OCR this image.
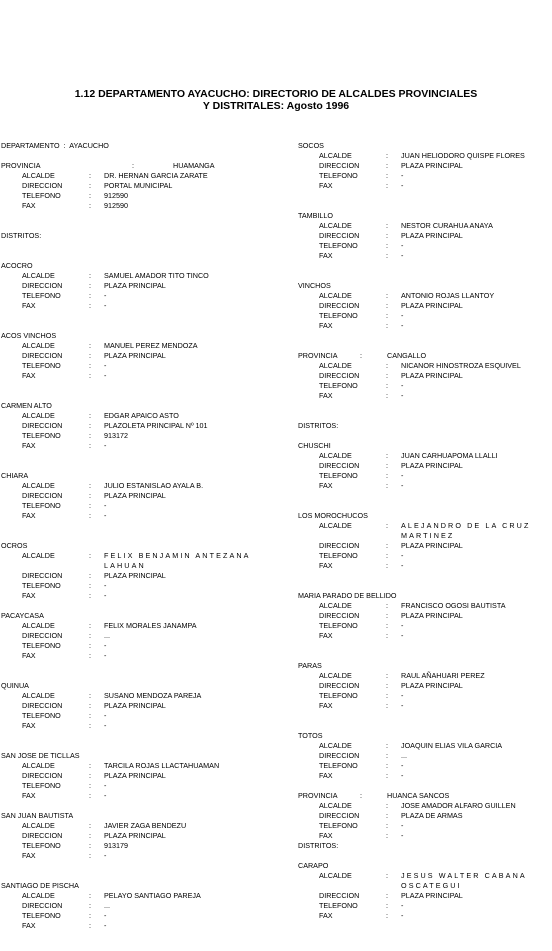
1.12 DEPARTAMENTO AYACUCHO: DIRECTORIO DE ALCALDES PROVINCIALES
Y DISTRITALES: Agosto 1996
DEPARTAMENTO : AYACUCHO
PROVINCIA	:	HUAMANGA
ALCALDE	:	DR. HERNAN GARCIA ZARATE
DIRECCION	:	PORTAL MUNICIPAL
TELEFONO	:	912590
FAX	:	912590
DISTRITOS:
ACOCRO
ALCALDE	:	SAMUEL AMADOR TITO TINCO
DIRECCION	:	PLAZA PRINCIPAL
TELEFONO	:	-
FAX	:	-
ACOS VINCHOS
ALCALDE	:	MANUEL PEREZ MENDOZA
DIRECCION	:	PLAZA PRINCIPAL
TELEFONO	:	-
FAX	:	-
CARMEN ALTO
ALCALDE	:	EDGAR APAICO ASTO
DIRECCION	:	PLAZOLETA PRINCIPAL Nº 101
TELEFONO	:	913172
FAX	:	-
CHIARA
ALCALDE	:	JULIO ESTANISLAO AYALA B.
DIRECCION	:	PLAZA PRINCIPAL
TELEFONO	:	-
FAX	:	-
OCROS
ALCALDE	:	FELIX BENJAMIN ANTEZANA LAHUAN
DIRECCION	:	PLAZA PRINCIPAL
TELEFONO	:	-
FAX	:	-
PACAYCASA
ALCALDE	:	FELIX MORALES JANAMPA
DIRECCION	:	...
TELEFONO	:	-
FAX	:	-
QUINUA
ALCALDE	:	SUSANO MENDOZA PAREJA
DIRECCION	:	PLAZA PRINCIPAL
TELEFONO	:	-
FAX	:	-
SAN JOSE DE TICLLAS
ALCALDE	:	TARCILA ROJAS LLACTAHUAMAN
DIRECCION	:	PLAZA PRINCIPAL
TELEFONO	:	-
FAX	:	-
SAN JUAN BAUTISTA
ALCALDE	:	JAVIER ZAGA BENDEZU
DIRECCION	:	PLAZA PRINCIPAL
TELEFONO	:	913179
FAX	:	-
SANTIAGO DE PISCHA
ALCALDE	:	PELAYO SANTIAGO PAREJA
DIRECCION	:	...
TELEFONO	:	-
FAX	:	-
SOCOS
ALCALDE	:	JUAN HELIODORO QUISPE FLORES
DIRECCION	:	PLAZA PRINCIPAL
TELEFONO	:	-
FAX	:	-
TAMBILLO
ALCALDE	:	NESTOR CURAHUA ANAYA
DIRECCION	:	PLAZA PRINCIPAL
TELEFONO	:	-
FAX	:	-
VINCHOS
ALCALDE	:	ANTONIO ROJAS LLANTOY
DIRECCION	:	PLAZA PRINCIPAL
TELEFONO	:	-
FAX	:	-
PROVINCIA	:	CANGALLO
ALCALDE	:	NICANOR HINOSTROZA ESQUIVEL
DIRECCION	:	PLAZA PRINCIPAL
TELEFONO	:	-
FAX	:	-
DISTRITOS:
CHUSCHI
ALCALDE	:	JUAN CARHUAPOMA LLALLI
DIRECCION	:	PLAZA PRINCIPAL
TELEFONO	:	-
FAX	:	-
LOS MOROCHUCOS
ALCALDE	:	ALEJANDRO DE LA CRUZ MARTINEZ
DIRECCION	:	PLAZA PRINCIPAL
TELEFONO	:	-
FAX	:	-
MARIA PARADO DE BELLIDO
ALCALDE	:	FRANCISCO OGOSI BAUTISTA
DIRECCION	:	PLAZA PRINCIPAL
TELEFONO	:	-
FAX	:	-
PARAS
ALCALDE	:	RAUL AÑAHUARI PEREZ
DIRECCION	:	PLAZA PRINCIPAL
TELEFONO	:	-
FAX	:	-
TOTOS
ALCALDE	:	JOAQUIN ELIAS VILA GARCIA
DIRECCION	:	...
TELEFONO	:	-
FAX	:	-
PROVINCIA	:	HUANCA SANCOS
ALCALDE	:	JOSE AMADOR ALFARO GUILLEN
DIRECCION	:	PLAZA DE ARMAS
TELEFONO	:	-
FAX	:	-
DISTRITOS:
CARAPO
ALCALDE	:	JESUS WALTER CABANA OSCATEGUI
DIRECCION	:	PLAZA PRINCIPAL
TELEFONO	:	-
FAX	:	-
